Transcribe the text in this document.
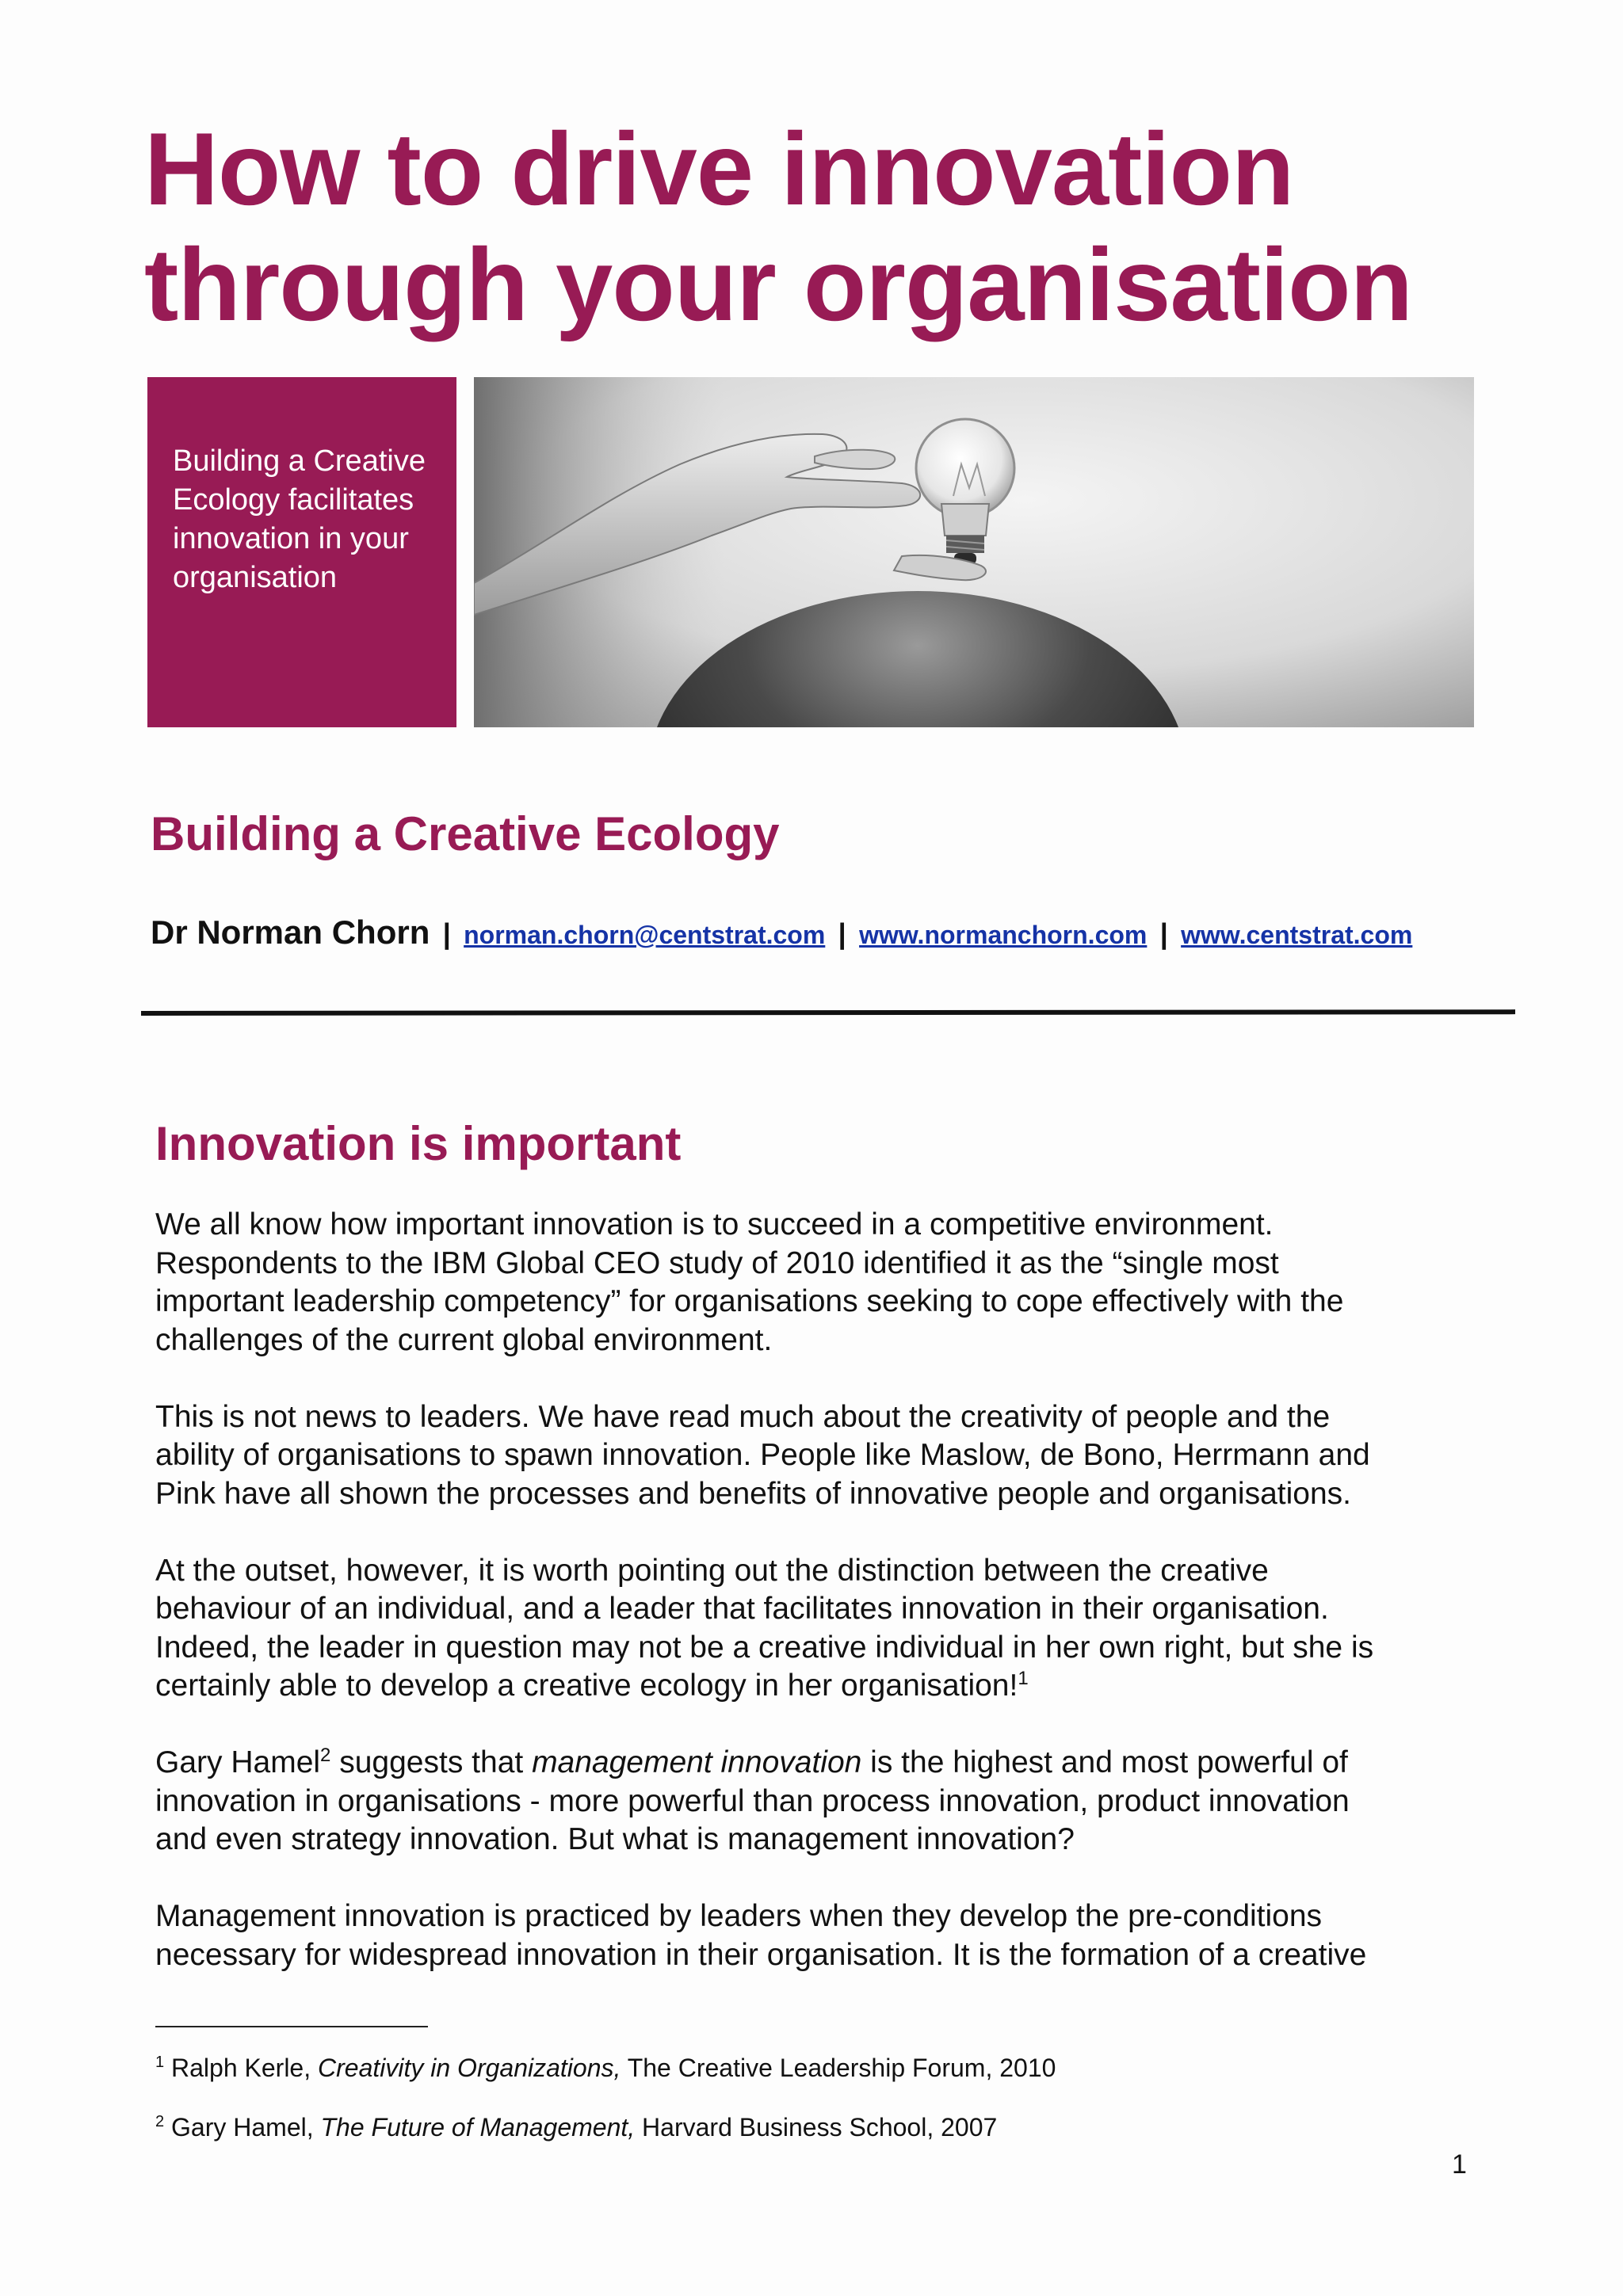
How to drive innovation
through your organisation

Building a Creative Ecology facilitates innovation in your organisation

Building a Creative Ecology
Dr Norman Chorn | norman.chorn@centstrat.com | www.normanchorn.com | www.centstrat.com
Innovation is important

We all know how important innovation is to succeed in a competitive environment.
Respondents to the IBM Global CEO study of 2010 identified it as the “single most
important leadership competency” for organisations seeking to cope effectively with the
challenges of the current global environment.

This is not news to leaders. We have read much about the creativity of people and the
ability of organisations to spawn innovation. People like Maslow, de Bono, Herrmann and
Pink have all shown the processes and benefits of innovative people and organisations.

At the outset, however, it is worth pointing out the distinction between the creative
behaviour of an individual, and a leader that facilitates innovation in their organisation.
Indeed, the leader in question may not be a creative individual in her own right, but she is
certainly able to develop a creative ecology in her organisation!$^1$

Gary Hamel$^2$ suggests that management innovation is the highest and most powerful of
innovation in organisations - more powerful than process innovation, product innovation
and even strategy innovation. But what is management innovation?

Management innovation is practiced by leaders when they develop the pre-conditions
necessary for widespread innovation in their organisation. It is the formation of a creative

$^1$ Ralph Kerle, Creativity in Organizations, The Creative Leadership Forum, 2010
$^2$ Gary Hamel, The Future of Management, Harvard Business School, 2007
1
